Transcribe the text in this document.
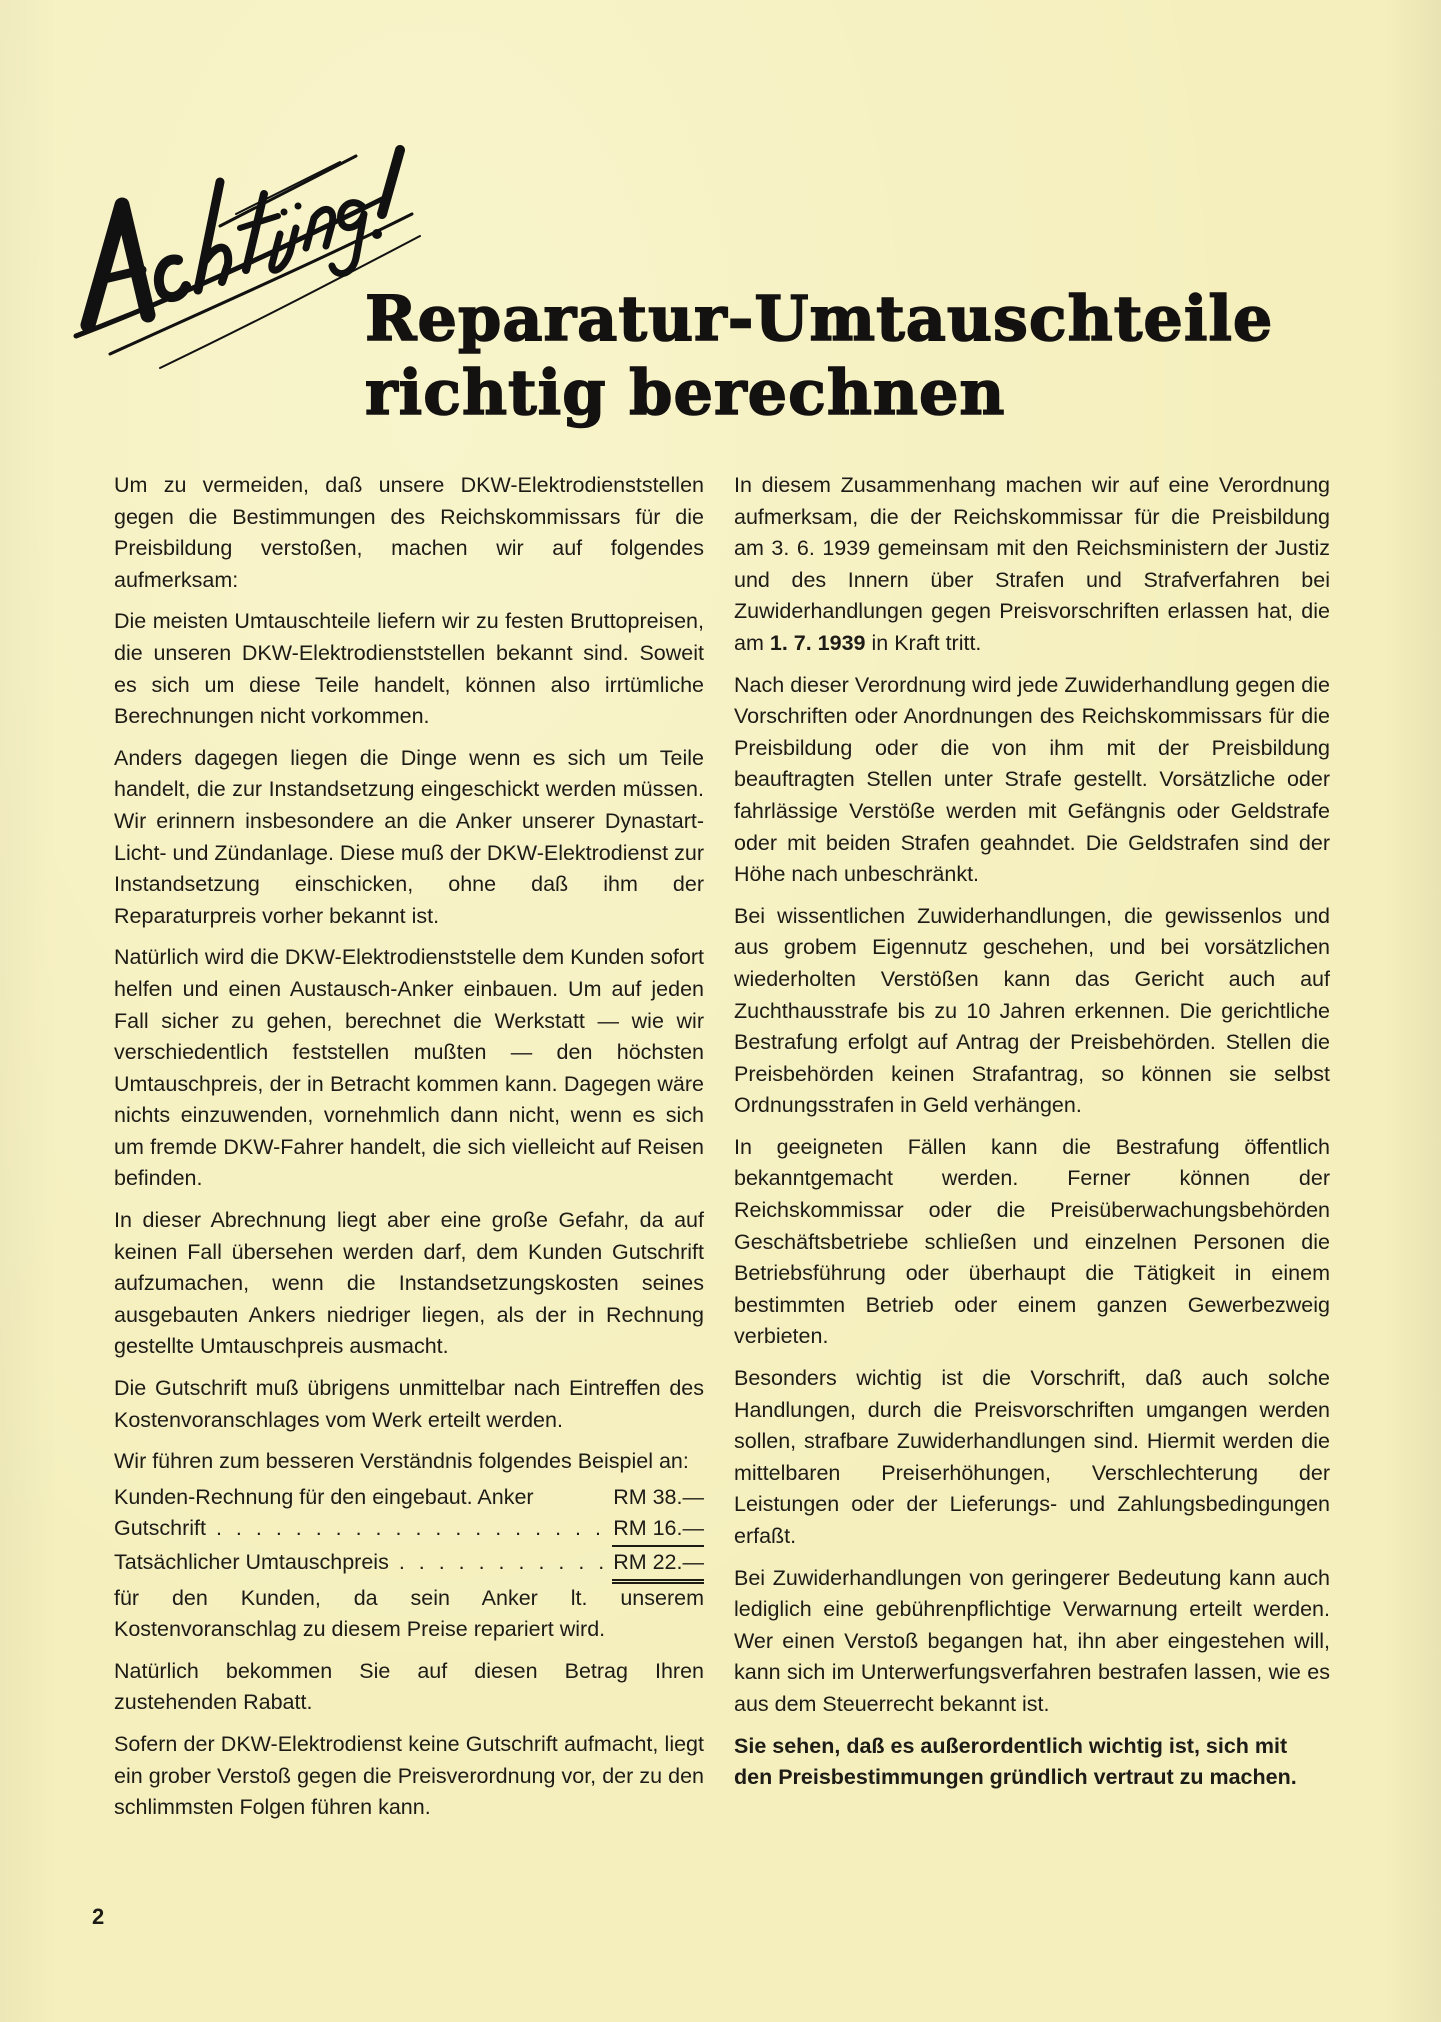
Reparatur-Umtauschteile
richtig berechnen

Um zu vermeiden, daß unsere DKW-Elektrodienststellen gegen die Bestimmungen des Reichskommissars für die Preisbildung verstoßen, machen wir auf folgendes aufmerksam:

Die meisten Umtauschteile liefern wir zu festen Bruttopreisen, die unseren DKW-Elektrodienststellen bekannt sind. Soweit es sich um diese Teile handelt, können also irrtümliche Berechnungen nicht vorkommen.

Anders dagegen liegen die Dinge wenn es sich um Teile handelt, die zur Instandsetzung eingeschickt werden müssen. Wir erinnern insbesondere an die Anker unserer Dynastart-Licht- und Zündanlage. Diese muß der DKW-Elektrodienst zur Instandsetzung einschicken, ohne daß ihm der Reparaturpreis vorher bekannt ist.

Natürlich wird die DKW-Elektrodienststelle dem Kunden sofort helfen und einen Austausch-Anker einbauen. Um auf jeden Fall sicher zu gehen, berechnet die Werkstatt — wie wir verschiedentlich feststellen mußten — den höchsten Umtauschpreis, der in Betracht kommen kann. Dagegen wäre nichts einzuwenden, vornehmlich dann nicht, wenn es sich um fremde DKW-Fahrer handelt, die sich vielleicht auf Reisen befinden.

In dieser Abrechnung liegt aber eine große Gefahr, da auf keinen Fall übersehen werden darf, dem Kunden Gutschrift aufzumachen, wenn die Instandsetzungskosten seines ausgebauten Ankers niedriger liegen, als der in Rechnung gestellte Umtauschpreis ausmacht.

Die Gutschrift muß übrigens unmittelbar nach Eintreffen des Kostenvoranschlages vom Werk erteilt werden.

Wir führen zum besseren Verständnis folgendes Beispiel an:

Kunden-Rechnung für den eingebaut. Anker	RM 38.—
Gutschrift . . .	RM 16.—
Tatsächlicher Umtauschpreis . . .	RM 22.—

für den Kunden, da sein Anker lt. unserem Kostenvoranschlag zu diesem Preise repariert wird.

Natürlich bekommen Sie auf diesen Betrag Ihren zustehenden Rabatt.

Sofern der DKW-Elektrodienst keine Gutschrift aufmacht, liegt ein grober Verstoß gegen die Preisverordnung vor, der zu den schlimmsten Folgen führen kann.

In diesem Zusammenhang machen wir auf eine Verordnung aufmerksam, die der Reichskommissar für die Preisbildung am 3. 6. 1939 gemeinsam mit den Reichsministern der Justiz und des Innern über Strafen und Strafverfahren bei Zuwiderhandlungen gegen Preisvorschriften erlassen hat, die am 1. 7. 1939 in Kraft tritt.

Nach dieser Verordnung wird jede Zuwiderhandlung gegen die Vorschriften oder Anordnungen des Reichskommissars für die Preisbildung oder die von ihm mit der Preisbildung beauftragten Stellen unter Strafe gestellt. Vorsätzliche oder fahrlässige Verstöße werden mit Gefängnis oder Geldstrafe oder mit beiden Strafen geahndet. Die Geldstrafen sind der Höhe nach unbeschränkt.

Bei wissentlichen Zuwiderhandlungen, die gewissenlos und aus grobem Eigennutz geschehen, und bei vorsätzlichen wiederholten Verstößen kann das Gericht auch auf Zuchthausstrafe bis zu 10 Jahren erkennen. Die gerichtliche Bestrafung erfolgt auf Antrag der Preisbehörden. Stellen die Preisbehörden keinen Strafantrag, so können sie selbst Ordnungsstrafen in Geld verhängen.

In geeigneten Fällen kann die Bestrafung öffentlich bekanntgemacht werden. Ferner können der Reichskommissar oder die Preisüberwachungsbehörden Geschäftsbetriebe schließen und einzelnen Personen die Betriebsführung oder überhaupt die Tätigkeit in einem bestimmten Betrieb oder einem ganzen Gewerbezweig verbieten.

Besonders wichtig ist die Vorschrift, daß auch solche Handlungen, durch die Preisvorschriften umgangen werden sollen, strafbare Zuwiderhandlungen sind. Hiermit werden die mittelbaren Preiserhöhungen, Verschlechterung der Leistungen oder der Lieferungs- und Zahlungsbedingungen erfaßt.

Bei Zuwiderhandlungen von geringerer Bedeutung kann auch lediglich eine gebührenpflichtige Verwarnung erteilt werden. Wer einen Verstoß begangen hat, ihn aber eingestehen will, kann sich im Unterwerfungsverfahren bestrafen lassen, wie es aus dem Steuerrecht bekannt ist.

Sie sehen, daß es außerordentlich wichtig ist, sich mit den Preisbestimmungen gründlich vertraut zu machen.

2
